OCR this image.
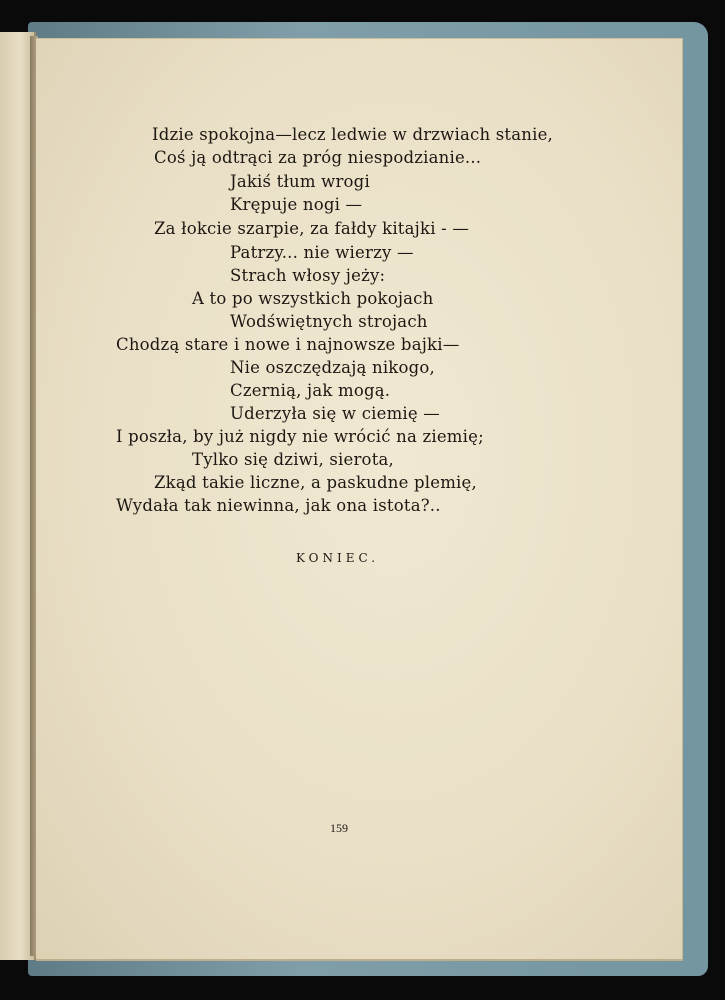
Idzie spokojna—lecz ledwie w drzwiach stanie,
Coś ją odtrąci za próg niespodzianie...
Jakiś tłum wrogi
Krępuje nogi —
Za łokcie szarpie, za fałdy kitajki - —
Patrzy... nie wierzy —
Strach włosy jeży:
A to po wszystkich pokojach
Wodświętnych strojach
Chodzą stare i nowe i najnowsze bajki—
Nie oszczędzają nikogo,
Czernią, jak mogą.
Uderzyła się w ciemię —
I poszła, by już nigdy nie wrócić na ziemię;
Tylko się dziwi, sierota,
Zkąd takie liczne, a paskudne plemię,
Wydała tak niewinna, jak ona istota?..
KONIEC.
159
